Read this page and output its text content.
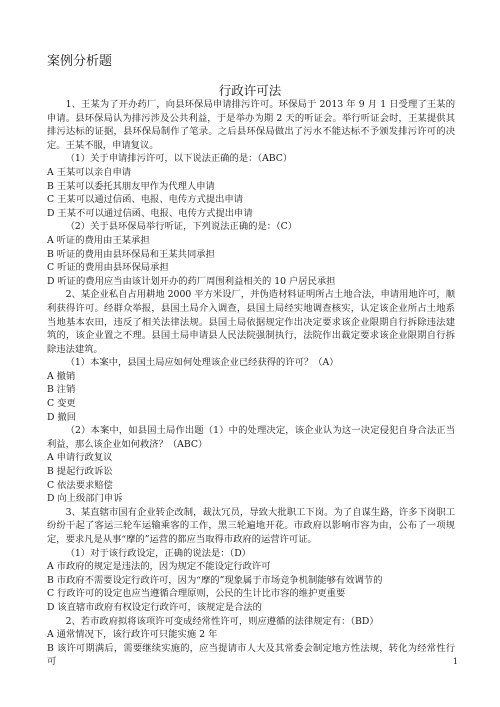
案例分析题
行政许可法

1、王某为了开办药厂，向县环保局申请排污许可。环保局于 2013 年 9 月 1 日受理了王某的申请。县环保局认为排污涉及公共利益，于是举办为期 2 天的听证会。举行听证会时，王某提供其排污达标的证据，县环保局制作了笔录。之后县环保局做出了污水不能达标不予颁发排污许可的决定。王某不服，申请复议。

（1）关于申请排污许可，以下说法正确的是：（ABC）

A 王某可以亲自申请

B 王某可以委托其朋友甲作为代理人申请

C 王某可以通过信函、电报、电传方式提出申请

D 王某不可以通过信函、电报、电传方式提出申请

（2）关于县环保局举行听证，下列说法正确的是：（C）

A 听证的费用由王某承担

B 听证的费用由县环保局和王某共同承担

C 听证的费用由县环保局承担

D 听证的费用应当由该计划开办的药厂周围利益相关的 10 户居民承担

2、某企业私自占用耕地 2000 平方米设厂，并伪造材料证明所占土地合法，申请用地许可，顺利获得许可。经群众举报，县国土局介入调查，县国土局经实地调查核实，认定该企业所占土地系当地基本农田，违反了相关法律法规。县国土局依据规定作出决定要求该企业限期自行拆除违法建筑的，该企业置之不理。县国土局申请县人民法院强制执行，法院作出裁定要求该企业限期自行拆除违法建筑。

（1）本案中，县国土局应如何处理该企业已经获得的许可？（A）

A 撤销

B 注销

C 变更

D 撤回

（2）本案中，如县国土局作出题（1）中的处理决定，该企业认为这一决定侵犯自身合法正当利益，那么该企业如何救济？（ABC）

A 申请行政复议

B 提起行政诉讼

C 依法要求赔偿

D 向上级部门申诉

3、某直辖市国有企业转企改制，裁汰冗员，导致大批职工下岗。为了自谋生路，许多下岗职工纷纷干起了客运三轮车运输乘客的工作，黑三轮遍地开花。市政府以影响市容为由，公布了一项规定，要求凡是从事“摩的”运营的都应当取得市政府的运营许可证。

（1）对于该行政设定，正确的说法是：（D）

A 市政府的规定是违法的，因为规定不能设定行政许可

B 市政府不需要设定行政许可，因为“摩的”现象属于市场竞争机制能够有效调节的

C 行政许可的设定也应当遵循合理原则，公民的生计比市容的维护更重要

D 该直辖市政府有权设定行政许可，该规定是合法的

2、若市政府拟将该项许可变成经常性许可，则应遵循的法律规定有：（BD）

A 通常情况下，该行政许可只能实施 2 年

B 该许可期满后，需要继续实施的，应当提请市人大及其常委会制定地方性法规，转化为经常性行可	1
